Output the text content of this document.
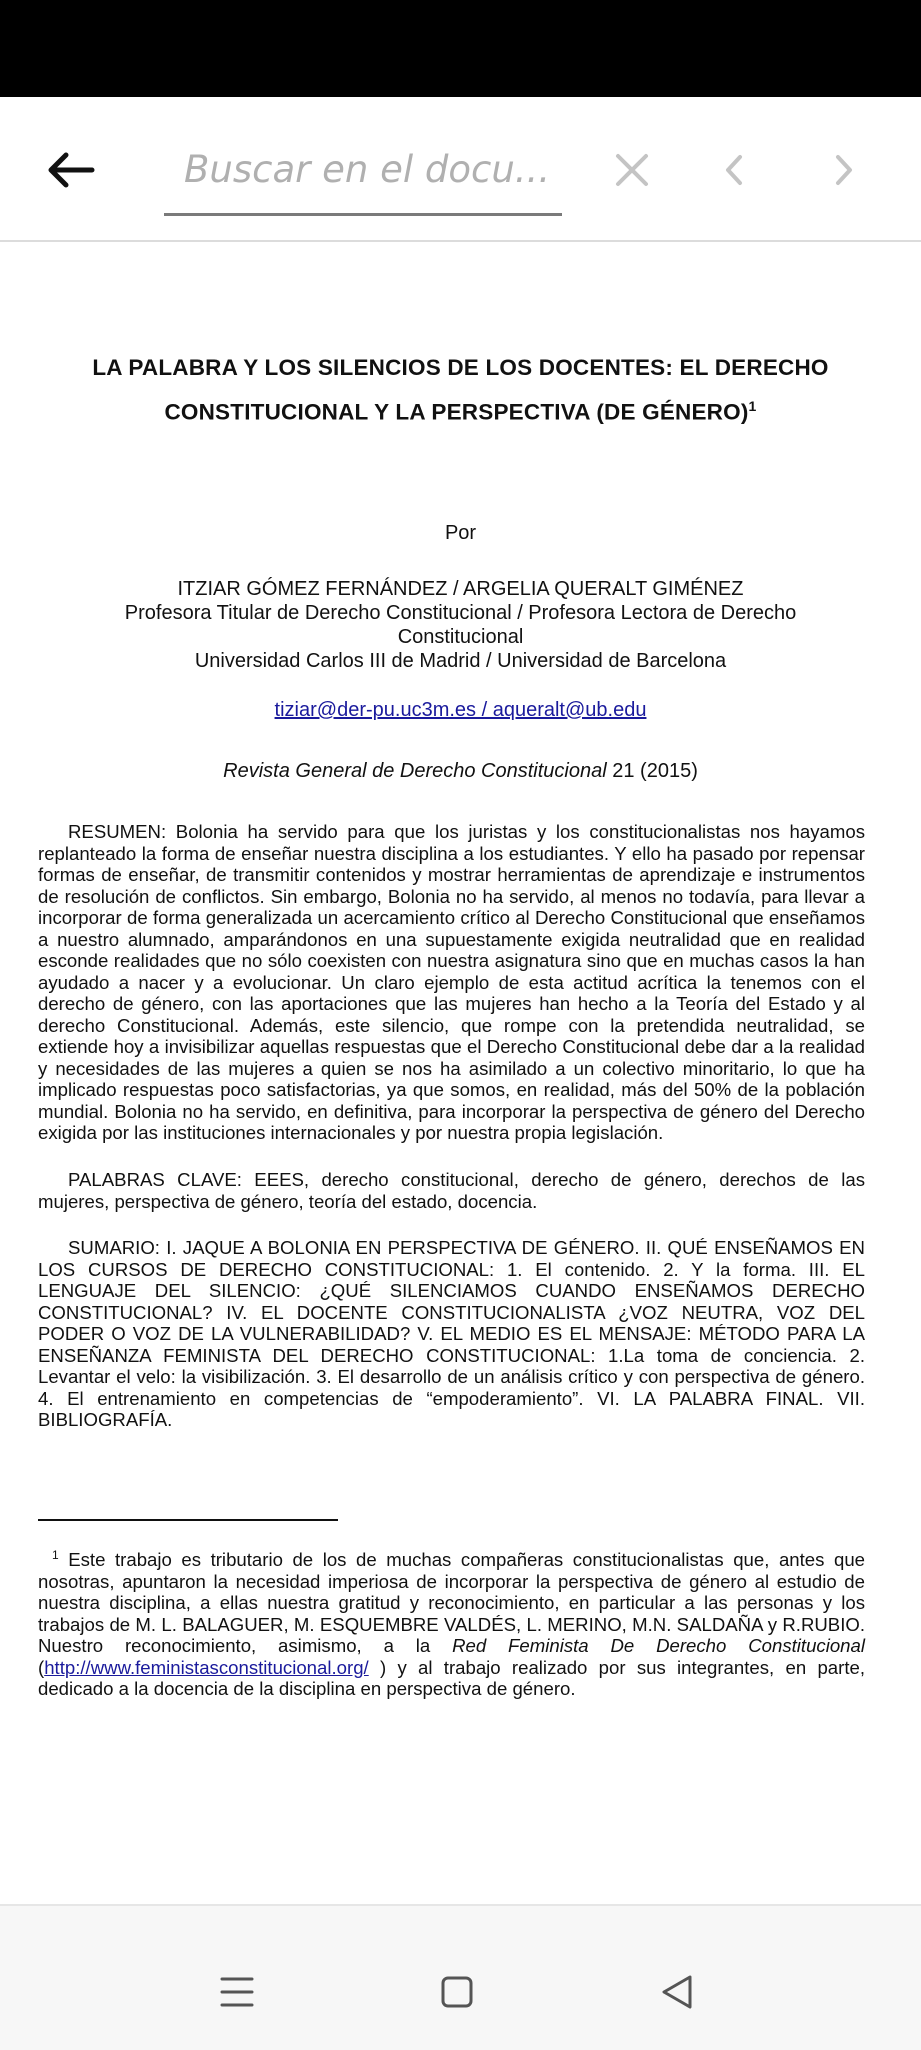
Buscar en el docu...
LA PALABRA Y LOS SILENCIOS DE LOS DOCENTES: EL DERECHO
CONSTITUCIONAL Y LA PERSPECTIVA (DE GÉNERO)$^1$
Por
ITZIAR GÓMEZ FERNÁNDEZ / ARGELIA QUERALT GIMÉNEZ
Profesora Titular de Derecho Constitucional / Profesora Lectora de Derecho Constitucional
Universidad Carlos III de Madrid / Universidad de Barcelona
tiziar@der-pu.uc3m.es / aqueralt@ub.edu
Revista General de Derecho Constitucional 21 (2015)

RESUMEN: Bolonia ha servido para que los juristas y los constitucionalistas nos hayamos replanteado la forma de enseñar nuestra disciplina a los estudiantes. Y ello ha pasado por repensar formas de enseñar, de transmitir contenidos y mostrar herramientas de aprendizaje e instrumentos de resolución de conflictos. Sin embargo, Bolonia no ha servido, al menos no todavía, para llevar a incorporar de forma generalizada un acercamiento crítico al Derecho Constitucional que enseñamos a nuestro alumnado, amparándonos en una supuestamente exigida neutralidad que en realidad esconde realidades que no sólo coexisten con nuestra asignatura sino que en muchas casos la han ayudado a nacer y a evolucionar. Un claro ejemplo de esta actitud acrítica la tenemos con el derecho de género, con las aportaciones que las mujeres han hecho a la Teoría del Estado y al derecho Constitucional. Además, este silencio, que rompe con la pretendida neutralidad, se extiende hoy a invisibilizar aquellas respuestas que el Derecho Constitucional debe dar a la realidad y necesidades de las mujeres a quien se nos ha asimilado a un colectivo minoritario, lo que ha implicado respuestas poco satisfactorias, ya que somos, en realidad, más del 50% de la población mundial. Bolonia no ha servido, en definitiva, para incorporar la perspectiva de género del Derecho exigida por las instituciones internacionales y por nuestra propia legislación.

PALABRAS CLAVE: EEES, derecho constitucional, derecho de género, derechos de las mujeres, perspectiva de género, teoría del estado, docencia.

SUMARIO: I. JAQUE A BOLONIA EN PERSPECTIVA DE GÉNERO. II. QUÉ ENSEÑAMOS EN LOS CURSOS DE DERECHO CONSTITUCIONAL: 1. El contenido. 2. Y la forma. III. EL LENGUAJE DEL SILENCIO: ¿QUÉ SILENCIAMOS CUANDO ENSEÑAMOS DERECHO CONSTITUCIONAL? IV. EL DOCENTE CONSTITUCIONALISTA ¿VOZ NEUTRA, VOZ DEL PODER O VOZ DE LA VULNERABILIDAD? V. EL MEDIO ES EL MENSAJE: MÉTODO PARA LA ENSEÑANZA FEMINISTA DEL DERECHO CONSTITUCIONAL: 1.La toma de conciencia. 2. Levantar el velo: la visibilización. 3. El desarrollo de un análisis crítico y con perspectiva de género. 4. El entrenamiento en competencias de “empoderamiento”. VI. LA PALABRA FINAL. VII. BIBLIOGRAFÍA.

$^1$ Este trabajo es tributario de los de muchas compañeras constitucionalistas que, antes que nosotras, apuntaron la necesidad imperiosa de incorporar la perspectiva de género al estudio de nuestra disciplina, a ellas nuestra gratitud y reconocimiento, en particular a las personas y los trabajos de M. L. BALAGUER, M. ESQUEMBRE VALDÉS, L. MERINO, M.N. SALDAÑA y R.RUBIO. Nuestro reconocimiento, asimismo, a la Red Feminista De Derecho Constitucional (http://www.feministasconstitucional.org/ ) y al trabajo realizado por sus integrantes, en parte, dedicado a la docencia de la disciplina en perspectiva de género.
